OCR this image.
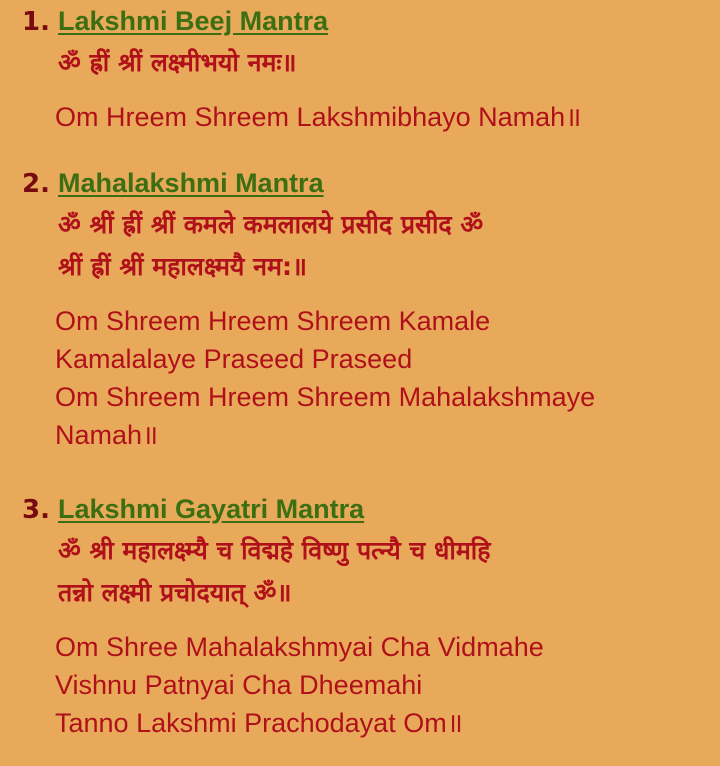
1. Lakshmi Beej Mantra
ॐ ह्रीं श्रीं लक्ष्मीभयो नमः॥
Om Hreem Shreem Lakshmibhayo Namah॥
2. Mahalakshmi Mantra
ॐ श्रीं ह्रीं श्रीं कमले कमलालये प्रसीद प्रसीद ॐ
श्रीं ह्रीं श्रीं महालक्ष्मयै नम:॥
Om Shreem Hreem Shreem Kamale
Kamalalaye Praseed Praseed
Om Shreem Hreem Shreem Mahalakshmaye
Namah॥
3. Lakshmi Gayatri Mantra
ॐ श्री महालक्ष्म्यै च विद्महे विष्णु पत्न्यै च धीमहि
तन्नो लक्ष्मी प्रचोदयात् ॐ॥
Om Shree Mahalakshmyai Cha Vidmahe
Vishnu Patnyai Cha Dheemahi
Tanno Lakshmi Prachodayat Om॥
